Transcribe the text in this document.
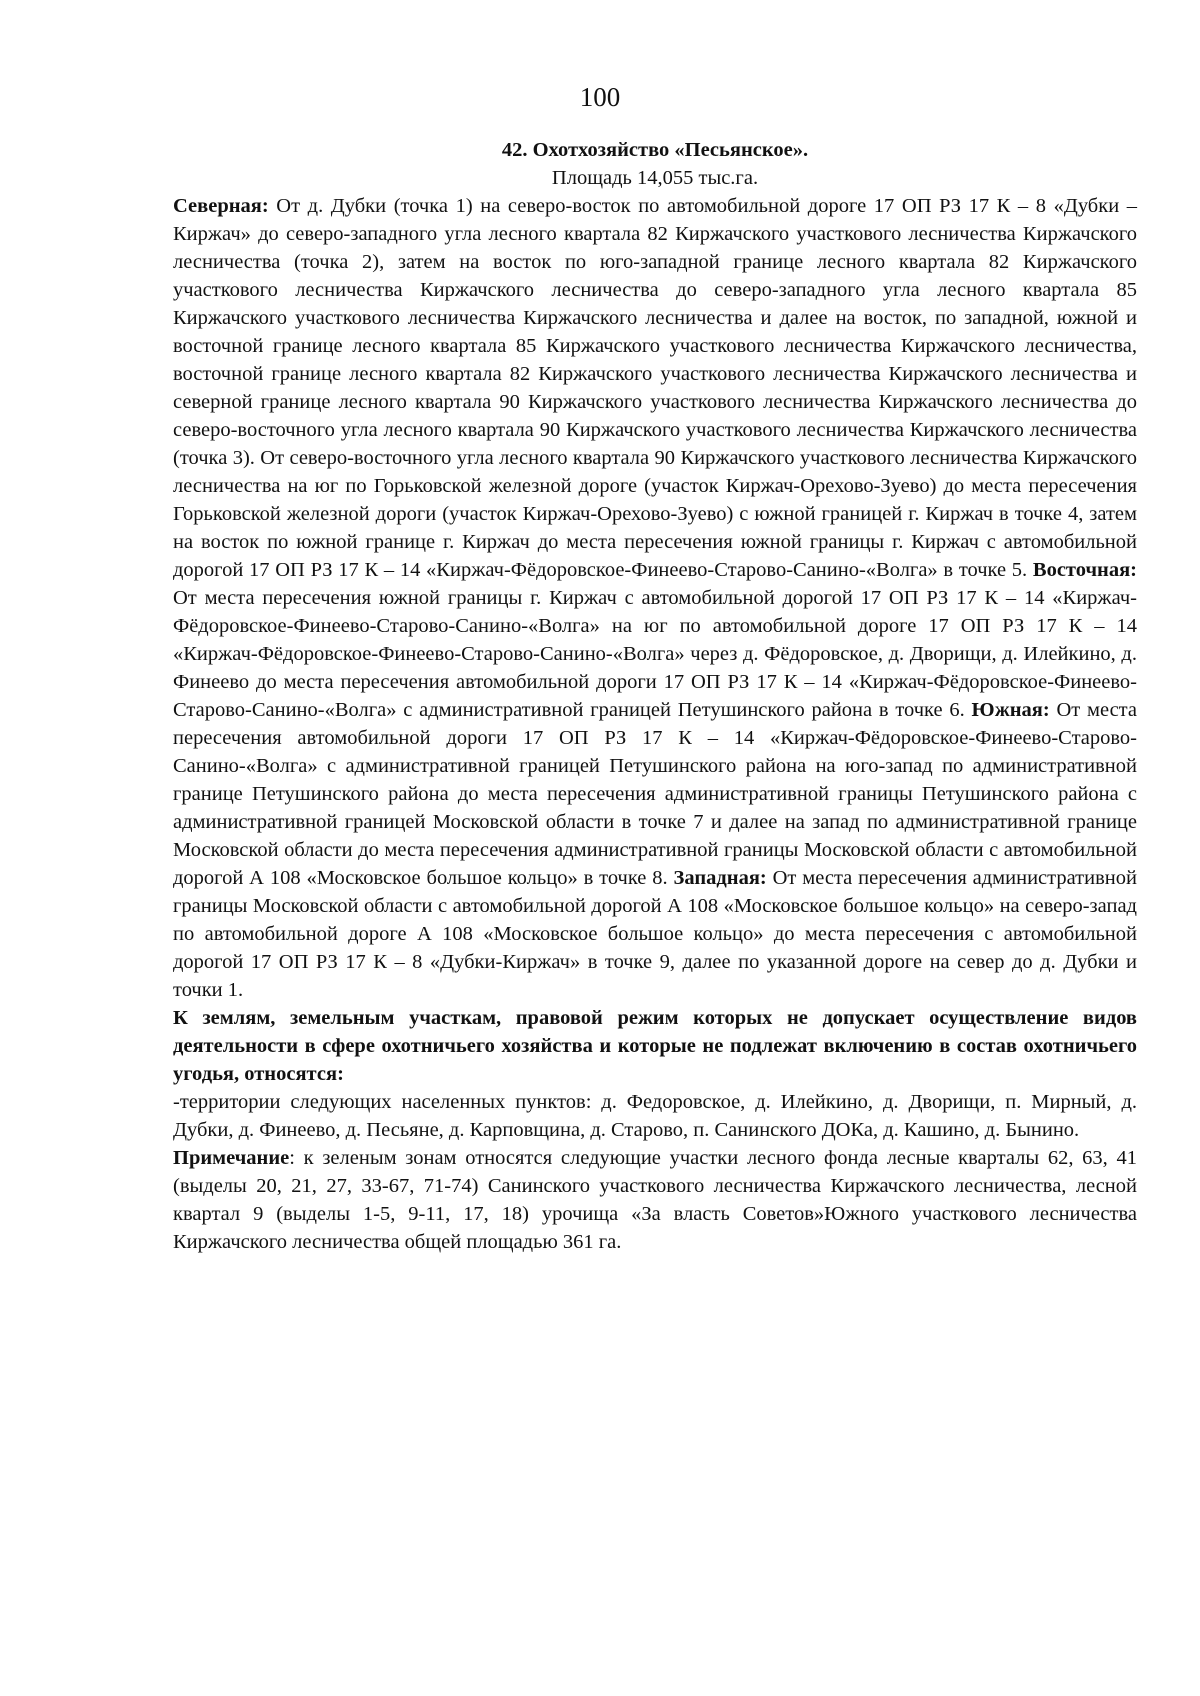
100

42. Охотхозяйство «Песьянское».

Площадь 14,055 тыс.га.

Северная: От д. Дубки (точка 1) на северо-восток по автомобильной дороге 17 ОП РЗ 17 К – 8 «Дубки – Киржач» до северо-западного угла лесного квартала 82 Киржачского участкового лесничества Киржачского лесничества (точка 2), затем на восток по юго-западной границе лесного квартала 82 Киржачского участкового лесничества Киржачского лесничества до северо-западного угла лесного квартала 85 Киржачского участкового лесничества Киржачского лесничества и далее на восток, по западной, южной и восточной границе лесного квартала 85 Киржачского участкового лесничества Киржачского лесничества, восточной границе лесного квартала 82 Киржачского участкового лесничества Киржачского лесничества и северной границе лесного квартала 90 Киржачского участкового лесничества Киржачского лесничества до северо-восточного угла лесного квартала 90 Киржачского участкового лесничества Киржачского лесничества (точка 3). От северо-восточного угла лесного квартала 90 Киржачского участкового лесничества Киржачского лесничества на юг по Горьковской железной дороге (участок Киржач-Орехово-Зуево) до места пересечения Горьковской железной дороги (участок Киржач-Орехово-Зуево) с южной границей г. Киржач в точке 4, затем на восток по южной границе г. Киржач до места пересечения южной границы г. Киржач с автомобильной дорогой 17 ОП РЗ 17 К – 14 «Киржач-Фёдоровское-Финеево-Старово-Санино-«Волга» в точке 5. Восточная: От места пересечения южной границы г. Киржач с автомобильной дорогой 17 ОП РЗ 17 К – 14 «Киржач-Фёдоровское-Финеево-Старово-Санино-«Волга» на юг по автомобильной дороге 17 ОП РЗ 17 К – 14 «Киржач-Фёдоровское-Финеево-Старово-Санино-«Волга» через д. Фёдоровское, д. Дворищи, д. Илейкино, д. Финеево до места пересечения автомобильной дороги 17 ОП РЗ 17 К – 14 «Киржач-Фёдоровское-Финеево-Старово-Санино-«Волга» с административной границей Петушинского района в точке 6. Южная: От места пересечения автомобильной дороги 17 ОП РЗ 17 К – 14 «Киржач-Фёдоровское-Финеево-Старово-Санино-«Волга» с административной границей Петушинского района на юго-запад по административной границе Петушинского района до места пересечения административной границы Петушинского района с административной границей Московской области в точке 7 и далее на запад по административной границе Московской области до места пересечения административной границы Московской области с автомобильной дорогой А 108 «Московское большое кольцо» в точке 8. Западная: От места пересечения административной границы Московской области с автомобильной дорогой А 108 «Московское большое кольцо» на северо-запад по автомобильной дороге А 108 «Московское большое кольцо» до места пересечения с автомобильной дорогой 17 ОП РЗ 17 К – 8 «Дубки-Киржач» в точке 9, далее по указанной дороге на север до д. Дубки и точки 1.

К землям, земельным участкам, правовой режим которых не допускает осуществление видов деятельности в сфере охотничьего хозяйства и которые не подлежат включению в состав охотничьего угодья, относятся:

-территории следующих населенных пунктов: д. Федоровское, д. Илейкино, д. Дворищи, п. Мирный, д. Дубки, д. Финеево, д. Песьяне, д. Карповщина, д. Старово, п. Санинского ДОКа, д. Кашино, д. Бынино.

Примечание: к зеленым зонам относятся следующие участки лесного фонда лесные кварталы 62, 63, 41 (выделы 20, 21, 27, 33-67, 71-74) Санинского участкового лесничества Киржачского лесничества, лесной квартал 9 (выделы 1-5, 9-11, 17, 18) урочища «За власть Советов»Южного участкового лесничества Киржачского лесничества общей площадью 361 га.
